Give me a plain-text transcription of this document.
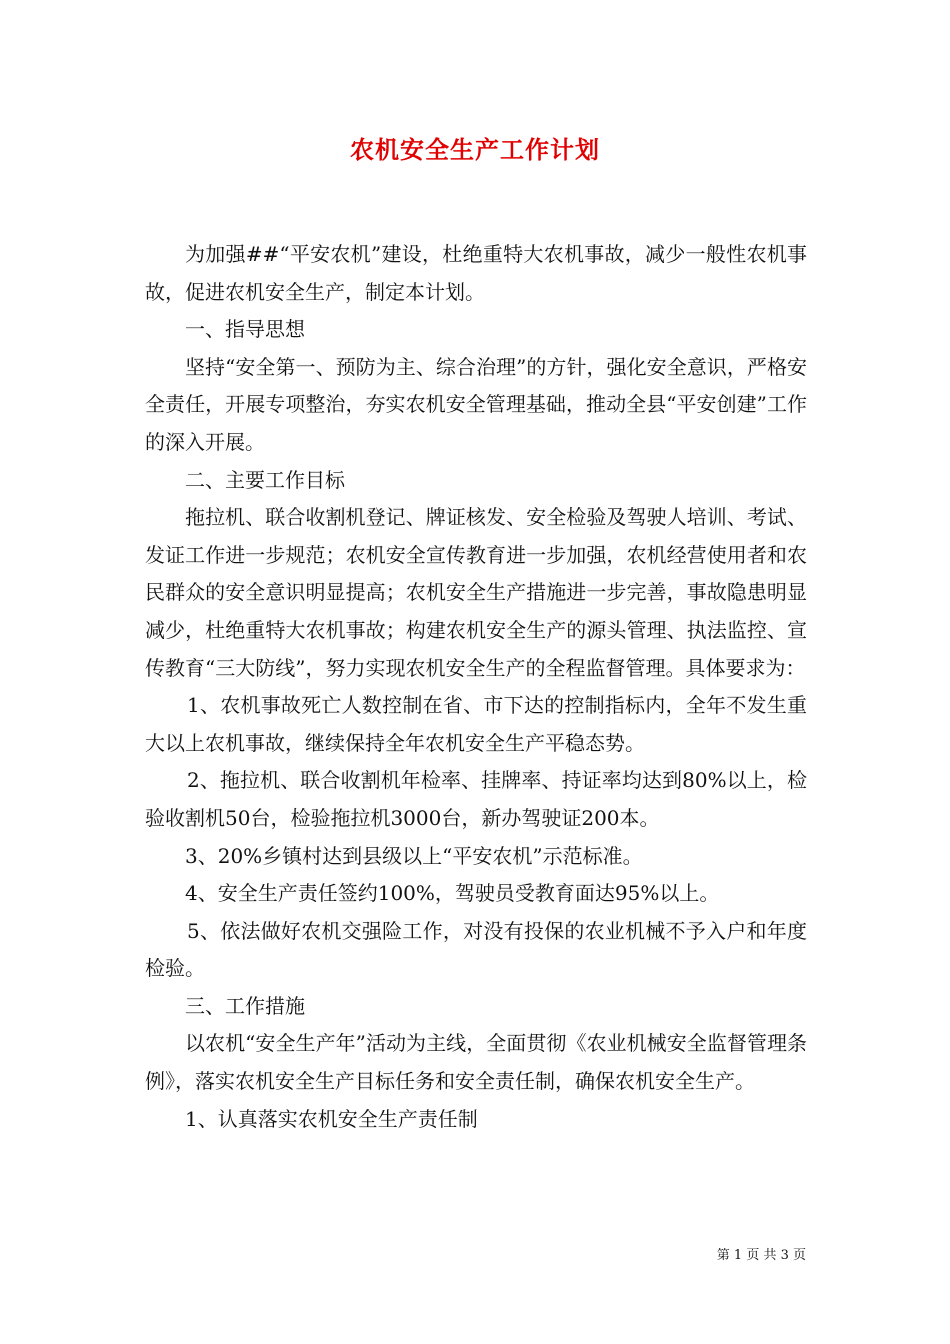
农机安全生产工作计划

为加强##“平安农机”建设，杜绝重特大农机事故，减少一般性农机事故，促进农机安全生产，制定本计划。

一、指导思想

坚持“安全第一、预防为主、综合治理”的方针，强化安全意识，严格安全责任，开展专项整治，夯实农机安全管理基础，推动全县“平安创建”工作的深入开展。

二、主要工作目标

拖拉机、联合收割机登记、牌证核发、安全检验及驾驶人培训、考试、发证工作进一步规范；农机安全宣传教育进一步加强，农机经营使用者和农民群众的安全意识明显提高；农机安全生产措施进一步完善，事故隐患明显减少，杜绝重特大农机事故；构建农机安全生产的源头管理、执法监控、宣传教育“三大防线”，努力实现农机安全生产的全程监督管理。具体要求为：

1、农机事故死亡人数控制在省、市下达的控制指标内，全年不发生重大以上农机事故，继续保持全年农机安全生产平稳态势。

2、拖拉机、联合收割机年检率、挂牌率、持证率均达到80%以上，检验收割机50台，检验拖拉机3000台，新办驾驶证200本。

3、20%乡镇村达到县级以上“平安农机”示范标准。

4、安全生产责任签约100%，驾驶员受教育面达95%以上。

5、依法做好农机交强险工作，对没有投保的农业机械不予入户和年度检验。

三、工作措施

以农机“安全生产年”活动为主线，全面贯彻《农业机械安全监督管理条例》，落实农机安全生产目标任务和安全责任制，确保农机安全生产。

1、认真落实农机安全生产责任制

第 1 页 共 3 页
